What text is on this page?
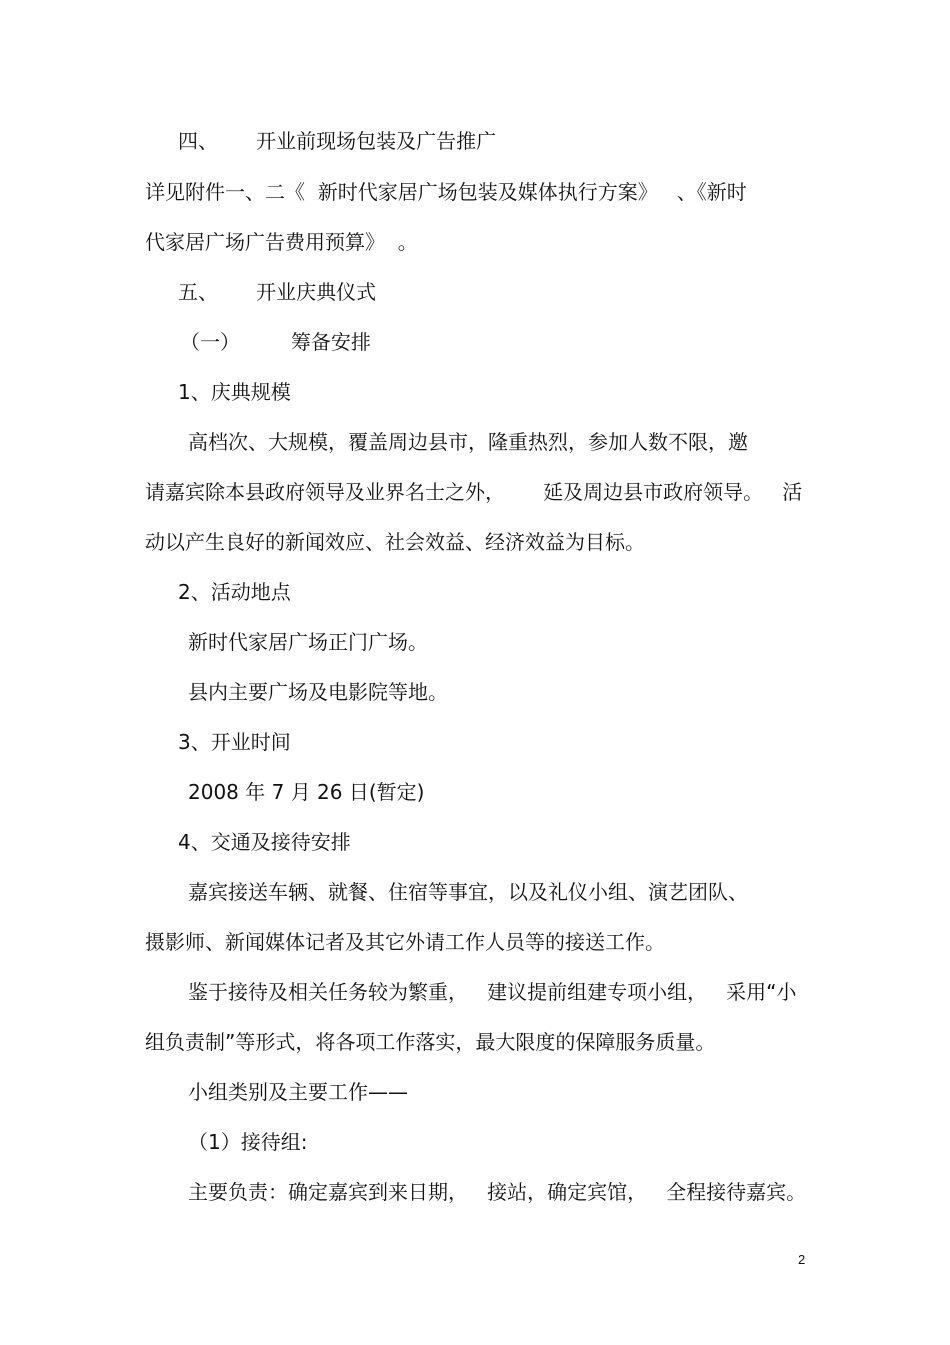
四、      开业前现场包装及广告推广

详见附件一、二《  新时代家居广场包装及媒体执行方案》   、《新时

代家居广场广告费用预算》  。

五、      开业庆典仪式

（一）        筹备安排

1、庆典规模

高档次、大规模，覆盖周边县市，隆重热烈，参加人数不限，邀

请嘉宾除本县政府领导及业界名士之外，      延及周边县市政府领导。   活

动以产生良好的新闻效应、社会效益、经济效益为目标。

2、活动地点

新时代家居广场正门广场。

县内主要广场及电影院等地。

3、开业时间

2008 年 7 月 26 日(暂定)

4、交通及接待安排

嘉宾接送车辆、就餐、住宿等事宜，以及礼仪小组、演艺团队、

摄影师、新闻媒体记者及其它外请工作人员等的接送工作。

鉴于接待及相关任务较为繁重，   建议提前组建专项小组，   采用“小

组负责制”等形式，将各项工作落实，最大限度的保障服务质量。

小组类别及主要工作——

（1）接待组:

主要负责：确定嘉宾到来日期，   接站，确定宾馆，   全程接待嘉宾。

2
